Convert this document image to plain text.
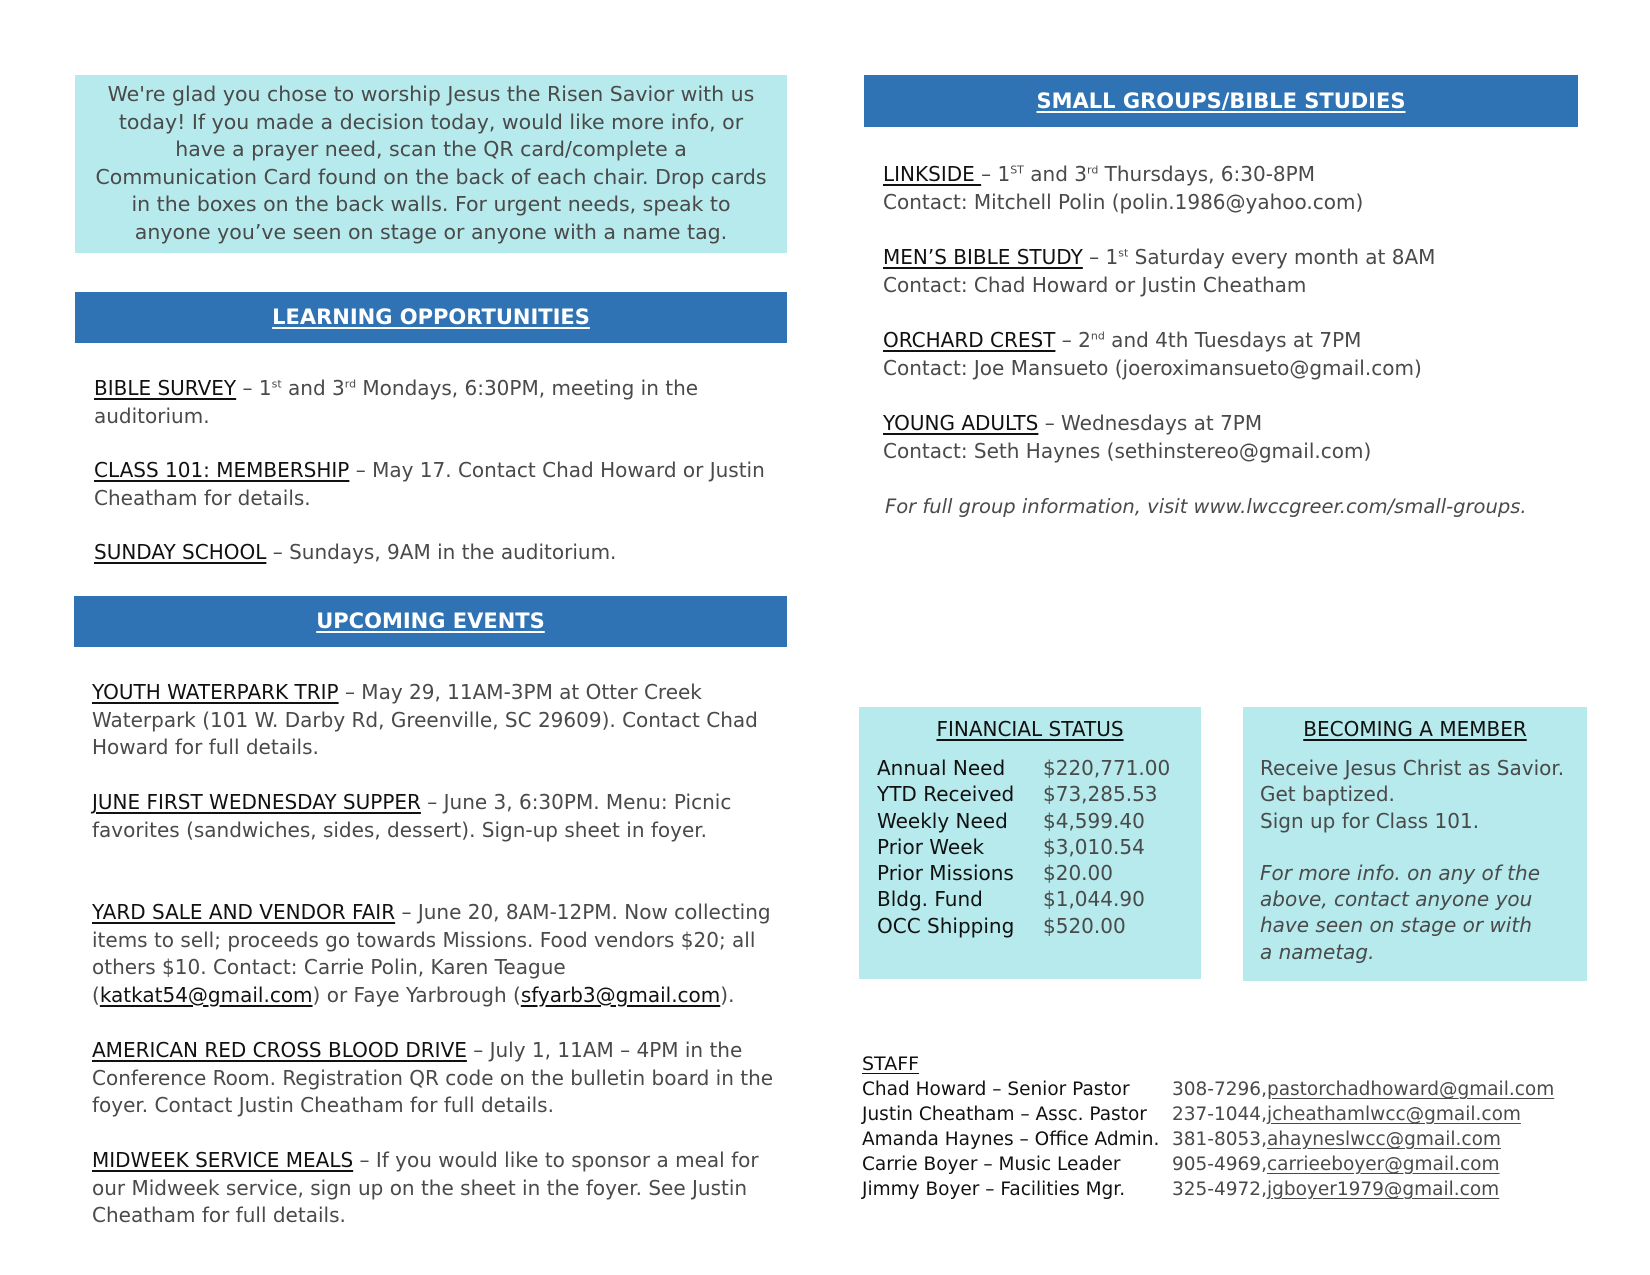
We're glad you chose to worship Jesus the Risen Savior with us today! If you made a decision today, would like more info, or have a prayer need, scan the QR card/complete a Communication Card found on the back of each chair. Drop cards in the boxes on the back walls. For urgent needs, speak to anyone you’ve seen on stage or anyone with a name tag.
LEARNING OPPORTUNITIES
BIBLE SURVEY – 1st and 3rd Mondays, 6:30PM, meeting in the auditorium.
CLASS 101: MEMBERSHIP – May 17. Contact Chad Howard or Justin Cheatham for details.
SUNDAY SCHOOL – Sundays, 9AM in the auditorium.
UPCOMING EVENTS
YOUTH WATERPARK TRIP – May 29, 11AM-3PM at Otter Creek Waterpark (101 W. Darby Rd, Greenville, SC 29609). Contact Chad Howard for full details.
JUNE FIRST WEDNESDAY SUPPER – June 3, 6:30PM. Menu: Picnic favorites (sandwiches, sides, dessert). Sign-up sheet in foyer.
YARD SALE AND VENDOR FAIR – June 20, 8AM-12PM. Now collecting items to sell; proceeds go towards Missions. Food vendors $20; all others $10. Contact: Carrie Polin, Karen Teague (katkat54@gmail.com) or Faye Yarbrough (sfyarb3@gmail.com).
AMERICAN RED CROSS BLOOD DRIVE – July 1, 11AM – 4PM in the Conference Room. Registration QR code on the bulletin board in the foyer. Contact Justin Cheatham for full details.
MIDWEEK SERVICE MEALS – If you would like to sponsor a meal for our Midweek service, sign up on the sheet in the foyer. See Justin Cheatham for full details.
SMALL GROUPS/BIBLE STUDIES
LINKSIDE – 1ST and 3rd Thursdays, 6:30-8PM
Contact: Mitchell Polin (polin.1986@yahoo.com)
MEN’S BIBLE STUDY – 1st Saturday every month at 8AM
Contact: Chad Howard or Justin Cheatham
ORCHARD CREST – 2nd and 4th Tuesdays at 7PM
Contact: Joe Mansueto (joeroximansueto@gmail.com)
YOUNG ADULTS – Wednesdays at 7PM
Contact: Seth Haynes (sethinstereo@gmail.com)
For full group information, visit www.lwccgreer.com/small-groups.
FINANCIAL STATUS
Annual Need	$220,771.00
YTD Received	$73,285.53
Weekly Need	$4,599.40
Prior Week	$3,010.54
Prior Missions	$20.00
Bldg. Fund	$1,044.90
OCC Shipping	$520.00
BECOMING A MEMBER
Receive Jesus Christ as Savior.
Get baptized.
Sign up for Class 101.
For more info. on any of the
above, contact anyone you
have seen on stage or with
a nametag.
STAFF
Chad Howard – Senior Pastor	308-7296, pastorchadhoward@gmail.com
Justin Cheatham – Assc. Pastor	237-1044, jcheathamlwcc@gmail.com
Amanda Haynes – Office Admin. 381-8053, ahayneslwcc@gmail.com
Carrie Boyer – Music Leader	905-4969, carrieeboyer@gmail.com
Jimmy Boyer – Facilities Mgr.	325-4972, jgboyer1979@gmail.com
